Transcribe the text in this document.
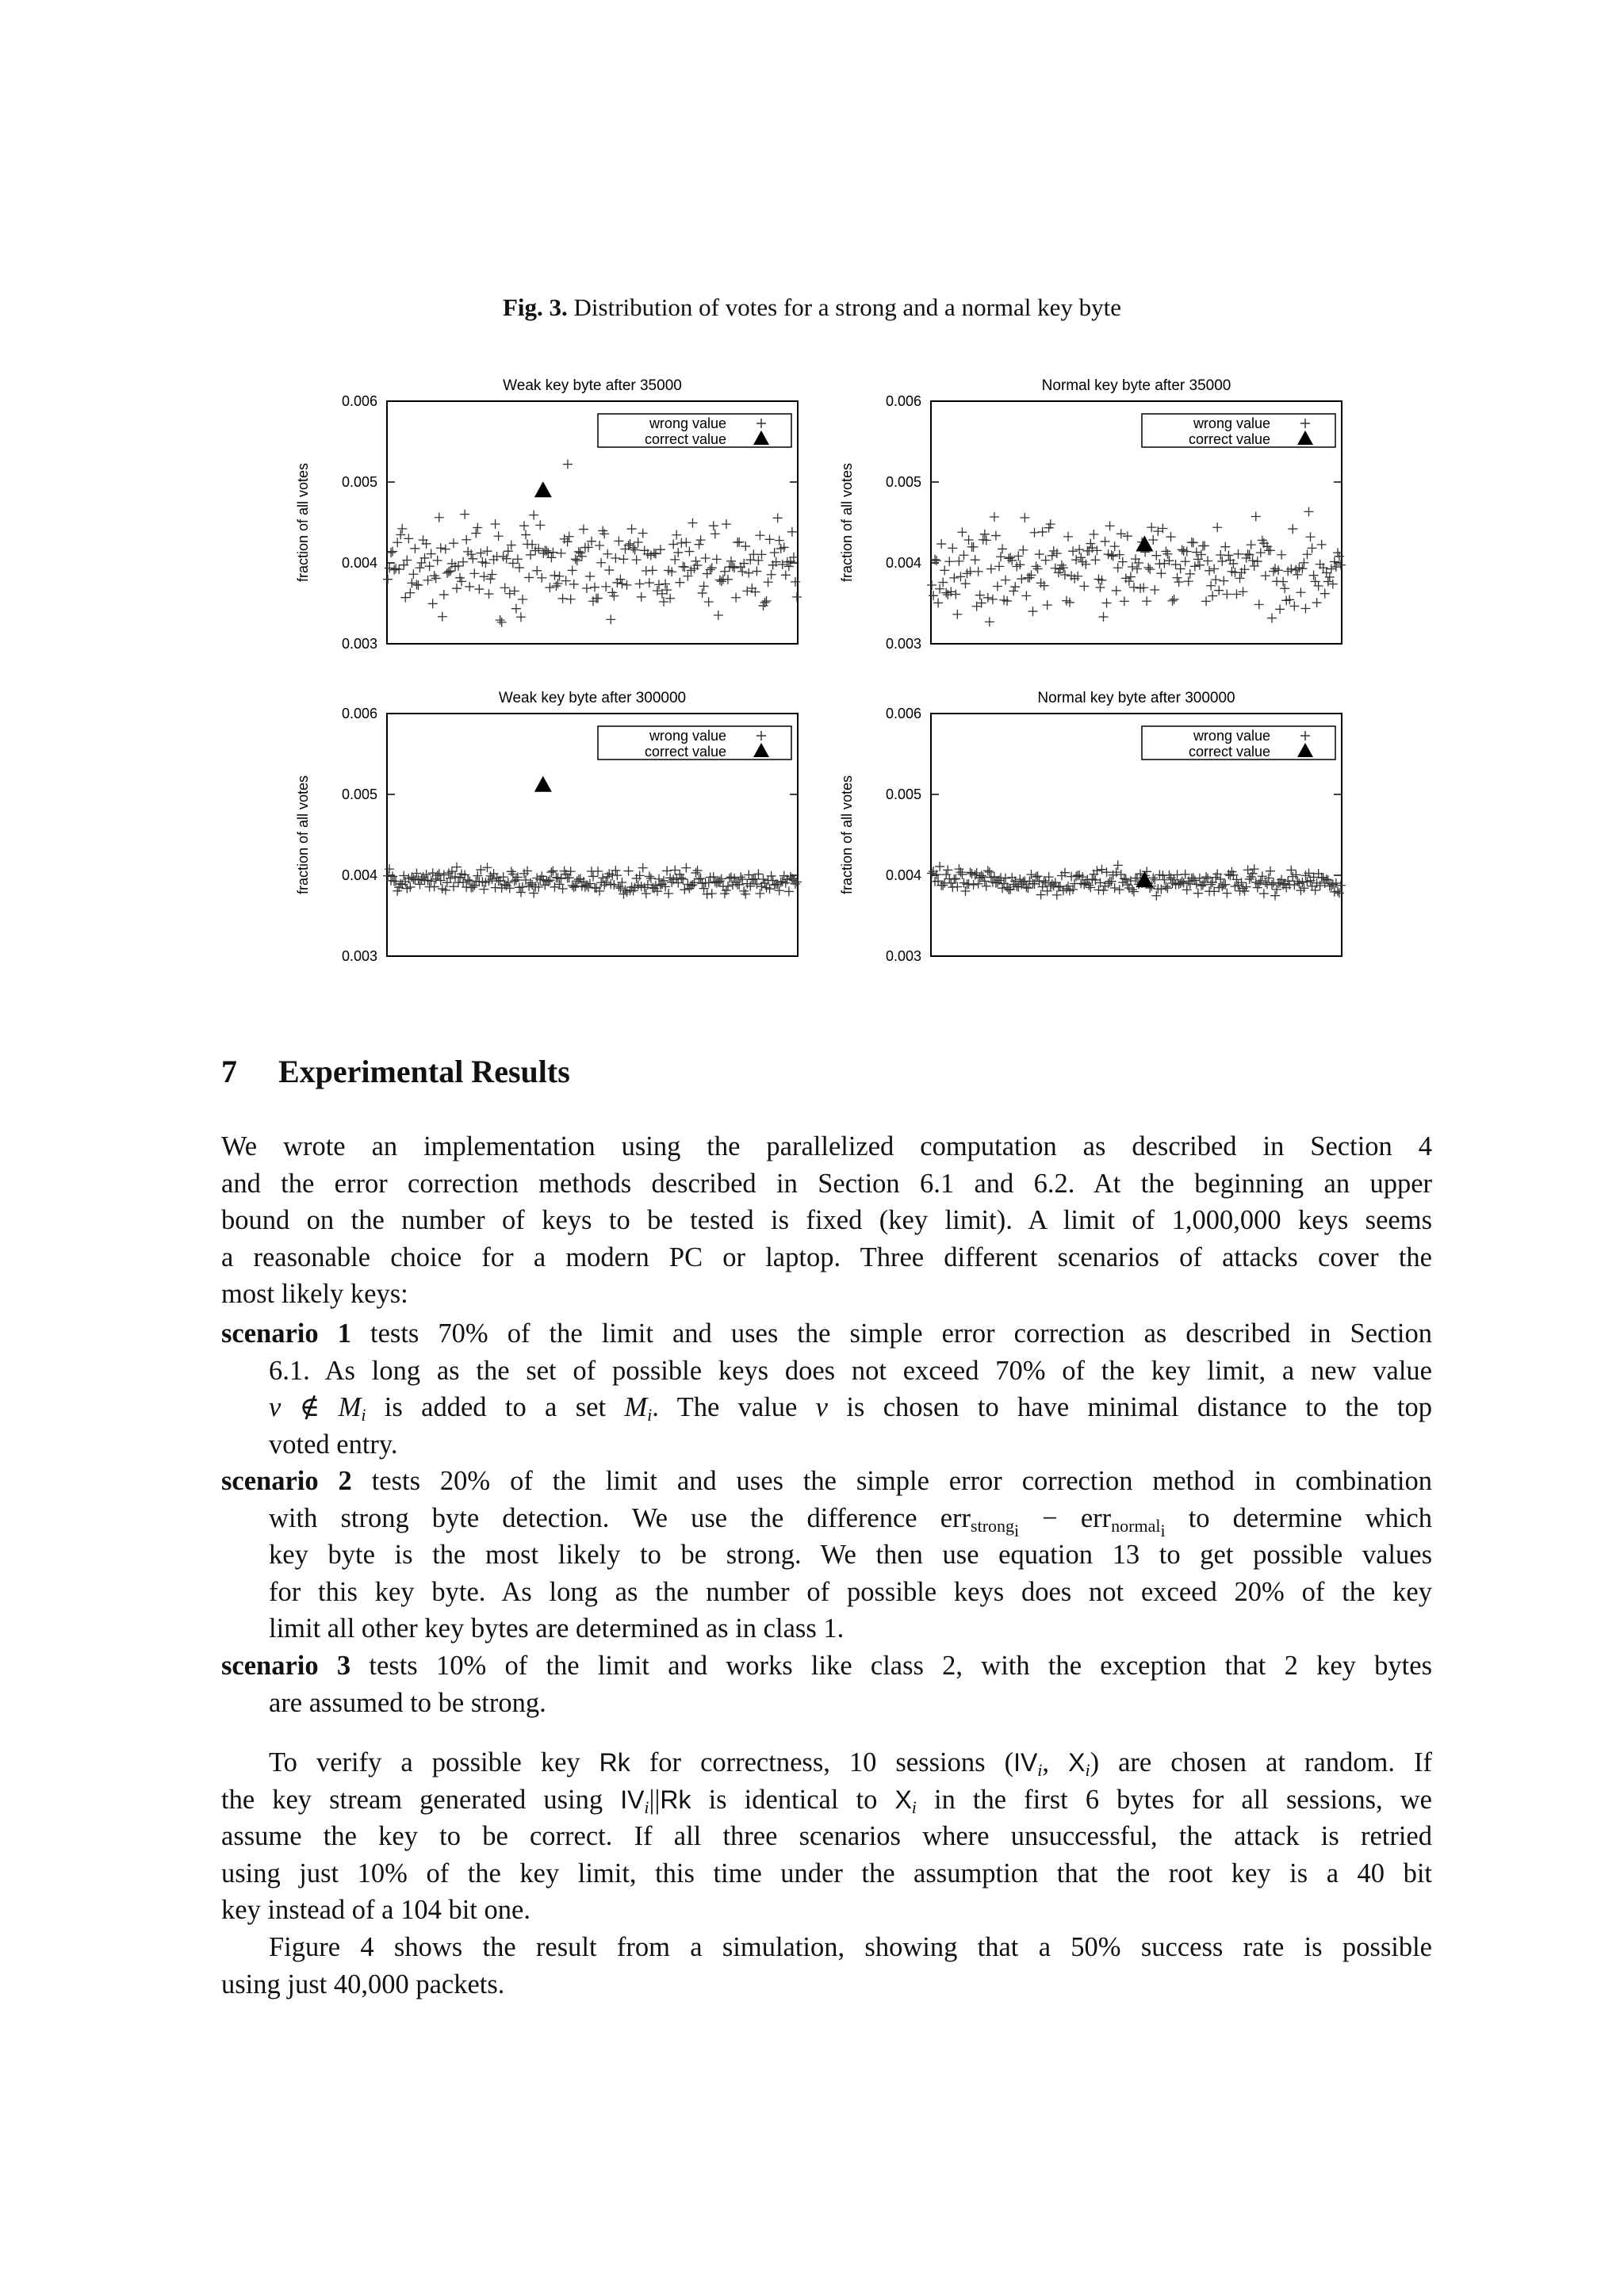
Fig. 3. Distribution of votes for a strong and a normal key byte
Weak key byte after 35000
0.006
0.005
0.004
0.003
fraction of all votes
wrong value
correct value
Normal key byte after 35000
0.006
0.005
0.004
0.003
fraction of all votes
wrong value
correct value
Weak key byte after 300000
0.006
0.005
0.004
0.003
fraction of all votes
wrong value
correct value
Normal key byte after 300000
0.006
0.005
0.004
0.003
fraction of all votes
wrong value
correct value
7 Experimental Results
We wrote an implementation using the parallelized computation as described in Section 4
and the error correction methods described in Section 6.1 and 6.2. At the beginning an upper
bound on the number of keys to be tested is fixed (key limit). A limit of 1,000,000 keys seems
a reasonable choice for a modern PC or laptop. Three different scenarios of attacks cover the
most likely keys:
scenario 1 tests 70% of the limit and uses the simple error correction as described in Section
6.1. As long as the set of possible keys does not exceed 70% of the key limit, a new value
v ∉ $M_i$ is added to a set $M_i$. The value v is chosen to have minimal distance to the top
voted entry.
scenario 2 tests 20% of the limit and uses the simple error correction method in combination
with strong byte detection. We use the difference err$_{strong_i}$ − err$_{normal_i}$ to determine which
key byte is the most likely to be strong. We then use equation 13 to get possible values
for this key byte. As long as the number of possible keys does not exceed 20% of the key
limit all other key bytes are determined as in class 1.
scenario 3 tests 10% of the limit and works like class 2, with the exception that 2 key bytes
are assumed to be strong.
To verify a possible key Rk for correctness, 10 sessions ($IV_i$, $X_i$) are chosen at random. If
the key stream generated using $IV_i||Rk$ is identical to $X_i$ in the first 6 bytes for all sessions, we
assume the key to be correct. If all three scenarios where unsuccessful, the attack is retried
using just 10% of the key limit, this time under the assumption that the root key is a 40 bit
key instead of a 104 bit one.
Figure 4 shows the result from a simulation, showing that a 50% success rate is possible
using just 40,000 packets.
